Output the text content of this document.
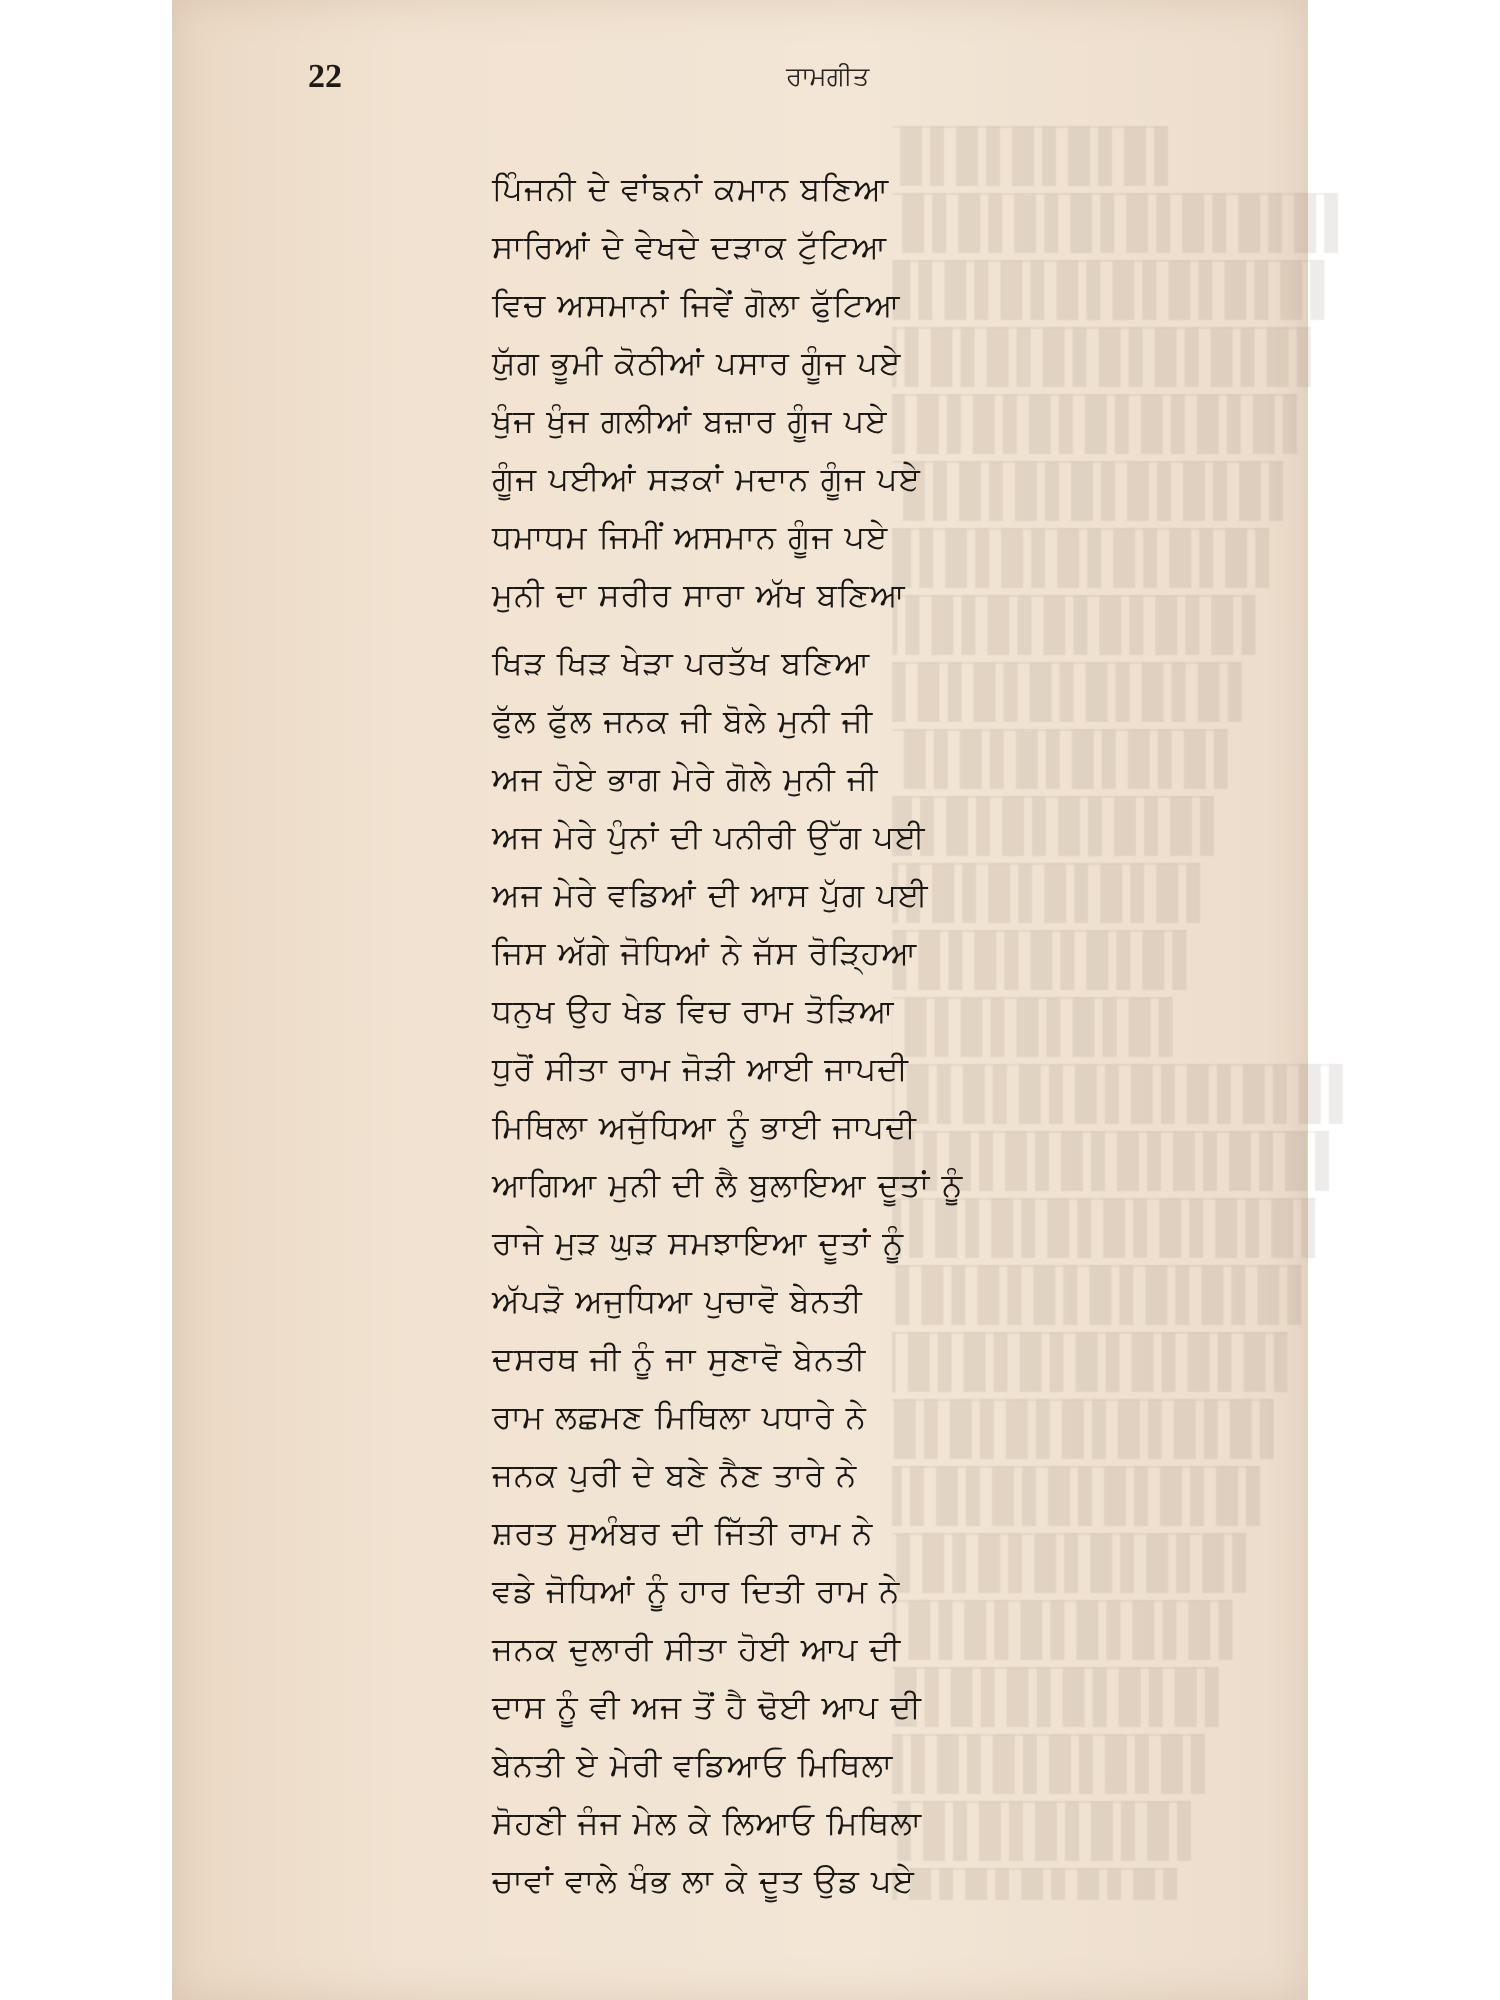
22	ਰਾਮਗੀਤ
ਪਿੰਜਨੀ ਦੇ ਵਾਂਙਨਾਂ ਕਮਾਨ ਬਣਿਆ
ਸਾਰਿਆਂ ਦੇ ਵੇਖਦੇ ਦੜਾਕ ਟੁੱਟਿਆ
ਵਿਚ ਅਸਮਾਨਾਂ ਜਿਵੇਂ ਗੋਲਾ ਫੁੱਟਿਆ
ਯੁੱਗ ਭੂਮੀ ਕੋਠੀਆਂ ਪਸਾਰ ਗੂੰਜ ਪਏ
ਖੁੰਜ ਖੁੰਜ ਗਲੀਆਂ ਬਜ਼ਾਰ ਗੂੰਜ ਪਏ
ਗੂੰਜ ਪਈਆਂ ਸੜਕਾਂ ਮਦਾਨ ਗੂੰਜ ਪਏ
ਧਮਾਧਮ ਜਿਮੀਂ ਅਸਮਾਨ ਗੂੰਜ ਪਏ
ਮੁਨੀ ਦਾ ਸਰੀਰ ਸਾਰਾ ਅੱਖ ਬਣਿਆ
ਖਿੜ ਖਿੜ ਖੇੜਾ ਪਰਤੱਖ ਬਣਿਆ
ਫੁੱਲ ਫੁੱਲ ਜਨਕ ਜੀ ਬੋਲੇ ਮੁਨੀ ਜੀ
ਅਜ ਹੋਏ ਭਾਗ ਮੇਰੇ ਗੋਲੇ ਮੁਨੀ ਜੀ
ਅਜ ਮੇਰੇ ਪੁੰਨਾਂ ਦੀ ਪਨੀਰੀ ਉੱਗ ਪਈ
ਅਜ ਮੇਰੇ ਵਡਿਆਂ ਦੀ ਆਸ ਪੁੱਗ ਪਈ
ਜਿਸ ਅੱਗੇ ਜੋਧਿਆਂ ਨੇ ਜੱਸ ਰੋੜ੍ਹਿਆ
ਧਨੁਖ ਉਹ ਖੇਡ ਵਿਚ ਰਾਮ ਤੋੜਿਆ
ਧੁਰੋਂ ਸੀਤਾ ਰਾਮ ਜੋੜੀ ਆਈ ਜਾਪਦੀ
ਮਿਥਿਲਾ ਅਜੁੱਧਿਆ ਨੂੰ ਭਾਈ ਜਾਪਦੀ
ਆਗਿਆ ਮੁਨੀ ਦੀ ਲੈ ਬੁਲਾਇਆ ਦੂਤਾਂ ਨੂੰ
ਰਾਜੇ ਮੁੜ ਘੁੜ ਸਮਝਾਇਆ ਦੂਤਾਂ ਨੂੰ
ਅੱਪੜੋ ਅਜੁਧਿਆ ਪੁਚਾਵੋ ਬੇਨਤੀ
ਦਸਰਥ ਜੀ ਨੂੰ ਜਾ ਸੁਣਾਵੋ ਬੇਨਤੀ
ਰਾਮ ਲਛਮਣ ਮਿਥਿਲਾ ਪਧਾਰੇ ਨੇ
ਜਨਕ ਪੁਰੀ ਦੇ ਬਣੇ ਨੈਣ ਤਾਰੇ ਨੇ
ਸ਼ਰਤ ਸੁਅੰਬਰ ਦੀ ਜਿੱਤੀ ਰਾਮ ਨੇ
ਵਡੇ ਜੋਧਿਆਂ ਨੂੰ ਹਾਰ ਦਿਤੀ ਰਾਮ ਨੇ
ਜਨਕ ਦੁਲਾਰੀ ਸੀਤਾ ਹੋਈ ਆਪ ਦੀ
ਦਾਸ ਨੂੰ ਵੀ ਅਜ ਤੋਂ ਹੈ ਢੋਈ ਆਪ ਦੀ
ਬੇਨਤੀ ਏ ਮੇਰੀ ਵਡਿਆਓ ਮਿਥਿਲਾ
ਸੋਹਣੀ ਜੰਜ ਮੇਲ ਕੇ ਲਿਆਓ ਮਿਥਿਲਾ
ਚਾਵਾਂ ਵਾਲੇ ਖੰਭ ਲਾ ਕੇ ਦੂਤ ਉਡ ਪਏ
